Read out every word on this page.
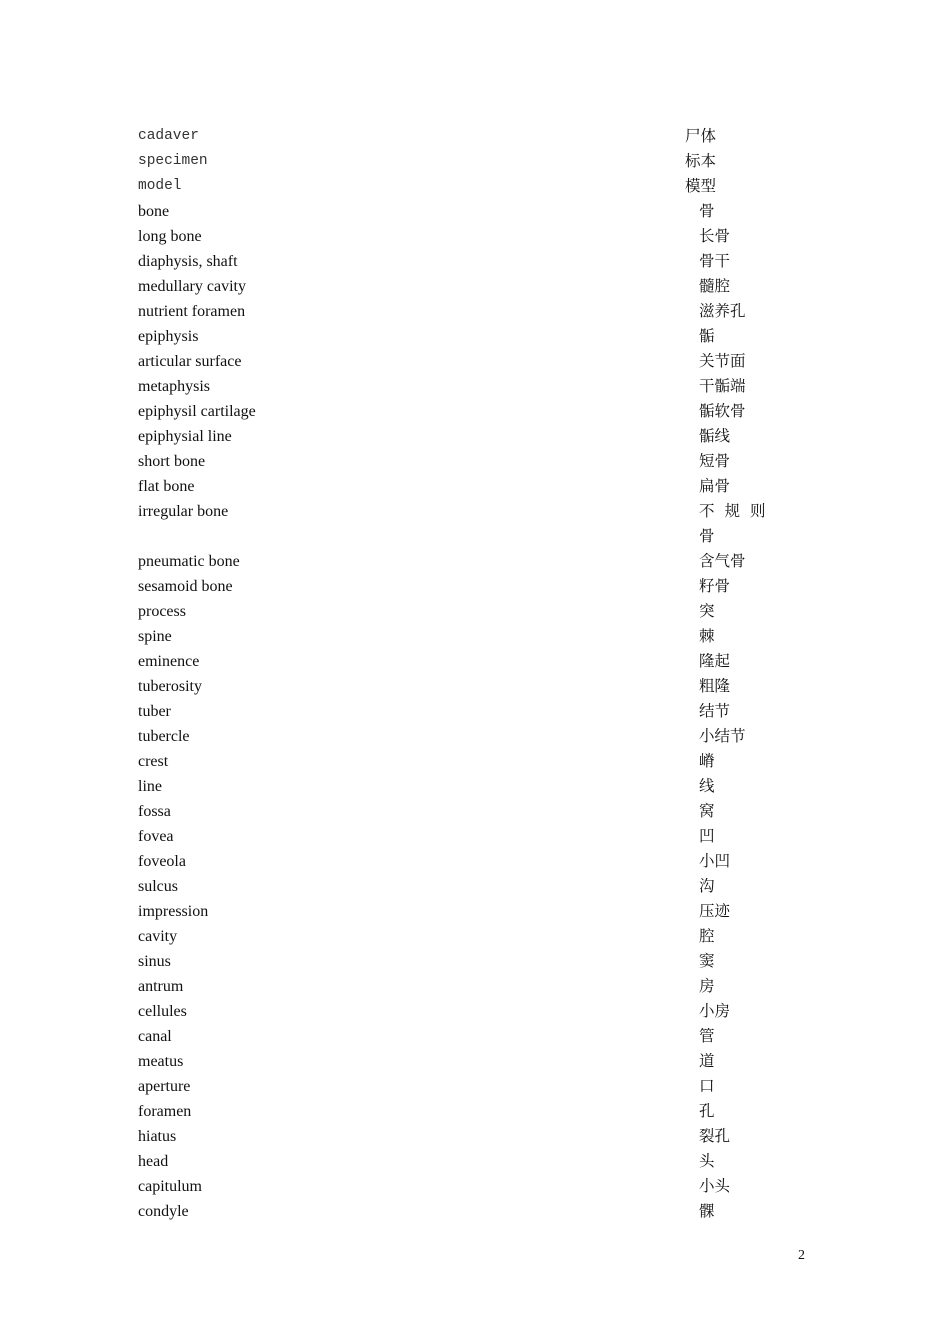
cadaver	尸体
specimen	标本
model	模型
bone	骨
long bone	长骨
diaphysis, shaft	骨干
medullary cavity	髓腔
nutrient foramen	滋养孔
epiphysis	骺
articular surface	关节面
metaphysis	干骺端
epiphysil cartilage	骺软骨
epiphysial line	骺线
short bone	短骨
flat bone	扁骨
irregular bone	不规则
骨
pneumatic bone	含气骨
sesamoid bone	籽骨
process	突
spine	棘
eminence	隆起
tuberosity	粗隆
tuber	结节
tubercle	小结节
crest	嵴
line	线
fossa	窝
fovea	凹
foveola	小凹
sulcus	沟
impression	压迹
cavity	腔
sinus	窦
antrum	房
cellules	小房
canal	管
meatus	道
aperture	口
foramen	孔
hiatus	裂孔
head	头
capitulum	小头
condyle	髁
2
